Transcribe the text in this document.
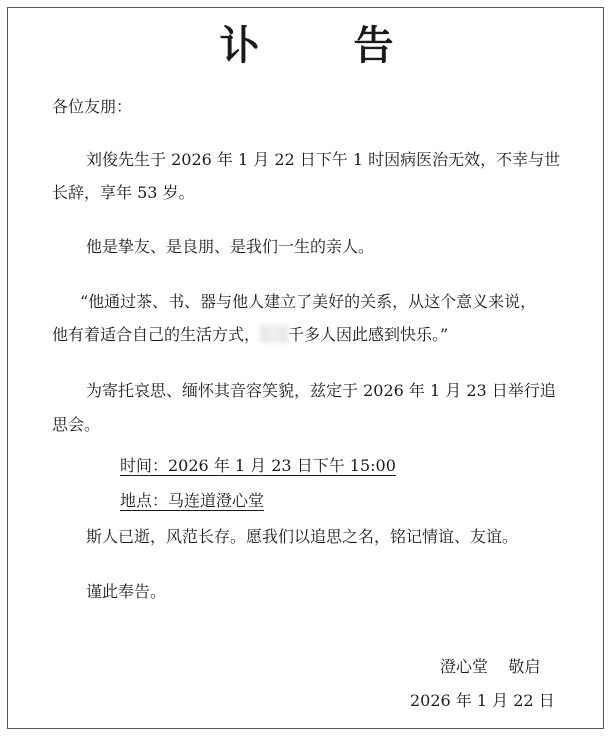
讣 告
各位友朋：
刘俊先生于 2026 年 1 月 22 日下午 1 时因病医治无效，不幸与世
长辞，享年 53 岁。
他是挚友、是良朋、是我们一生的亲人。
“他通过茶、书、器与他人建立了美好的关系，从这个意义来说，
他有着适合自己的生活方式， 千多人因此感到快乐。”
为寄托哀思、缅怀其音容笑貌，兹定于 2026 年 1 月 23 日举行追
思会。
时间：2026 年 1 月 23 日下午 15:00
地点：马连道澄心堂
斯人已逝，风范长存。愿我们以追思之名，铭记情谊、友谊。
谨此奉告。
澄心堂    敬启
2026 年 1 月 22 日
